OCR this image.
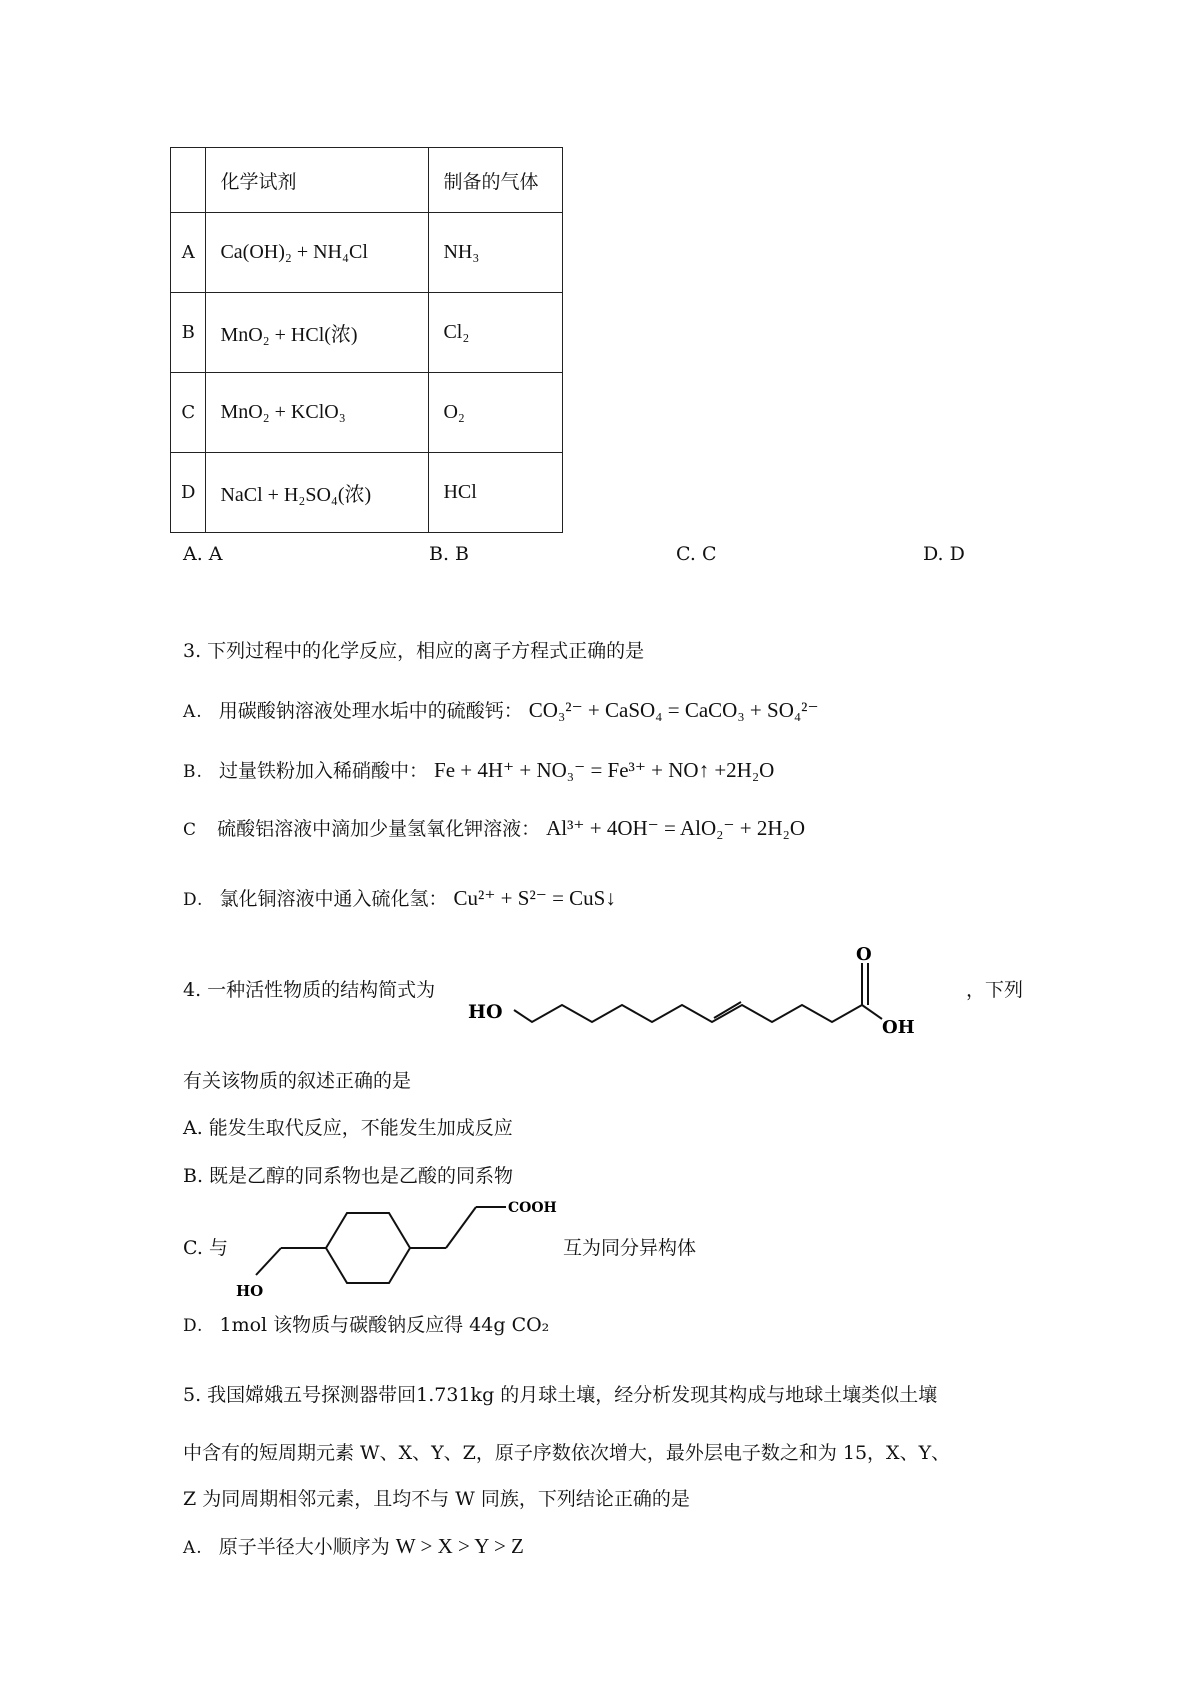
	化学试剂	制备的气体
A	Ca(OH)₂ + NH₄Cl	NH₃
B	MnO₂ + HCl(浓)	Cl₂
C	MnO₂ + KClO₃	O₂
D	NaCl + H₂SO₄(浓)	HCl
A. A	B. B	C. C	D. D
3. 下列过程中的化学反应，相应的离子方程式正确的是
A. 用碳酸钠溶液处理水垢中的硫酸钙： CO₃²⁻ + CaSO₄ = CaCO₃ + SO₄²⁻
B. 过量铁粉加入稀硝酸中： Fe + 4H⁺ + NO₃⁻ = Fe³⁺ + NO↑ +2H₂O
C 硫酸铝溶液中滴加少量氢氧化钾溶液： Al³⁺ + 4OH⁻ = AlO₂⁻ + 2H₂O
D. 氯化铜溶液中通入硫化氢： Cu²⁺ + S²⁻ = CuS↓
4. 一种活性物质的结构简式为
HO
O
OH
，下列
有关该物质的叙述正确的是
A. 能发生取代反应，不能发生加成反应
B. 既是乙醇的同系物也是乙酸的同系物
C. 与
HO
COOH
互为同分异构体
D. 1mol 该物质与碳酸钠反应得 44g CO₂
5. 我国嫦娥五号探测器带回1.731kg 的月球土壤，经分析发现其构成与地球土壤类似土壤
中含有的短周期元素 W、X、Y、Z，原子序数依次增大，最外层电子数之和为 15，X、Y、
Z 为同周期相邻元素，且均不与 W 同族，下列结论正确的是
A. 原子半径大小顺序为 W > X > Y > Z
